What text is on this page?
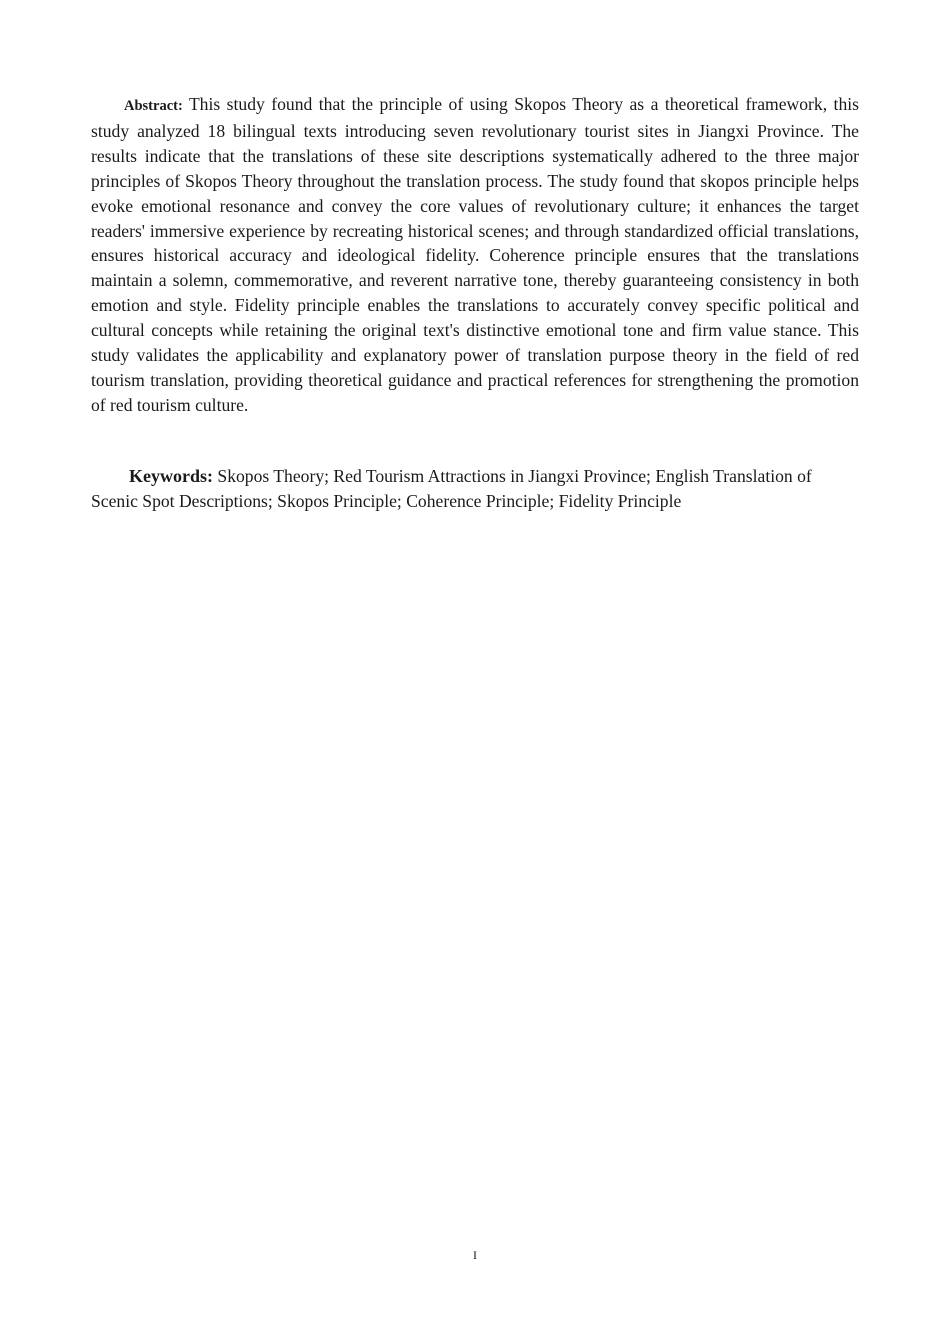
Abstract: This study found that the principle of using Skopos Theory as a theoretical framework, this study analyzed 18 bilingual texts introducing seven revolutionary tourist sites in Jiangxi Province. The results indicate that the translations of these site descriptions systematically adhered to the three major principles of Skopos Theory throughout the translation process. The study found that skopos principle helps evoke emotional resonance and convey the core values of revolutionary culture; it enhances the target readers' immersive experience by recreating historical scenes; and through standardized official translations, ensures historical accuracy and ideological fidelity. Coherence principle ensures that the translations maintain a solemn, commemorative, and reverent narrative tone, thereby guaranteeing consistency in both emotion and style. Fidelity principle enables the translations to accurately convey specific political and cultural concepts while retaining the original text's distinctive emotional tone and firm value stance. This study validates the applicability and explanatory power of translation purpose theory in the field of red tourism translation, providing theoretical guidance and practical references for strengthening the promotion of red tourism culture.

Keywords: Skopos Theory; Red Tourism Attractions in Jiangxi Province; English Translation of Scenic Spot Descriptions; Skopos Principle; Coherence Principle; Fidelity Principle

I
